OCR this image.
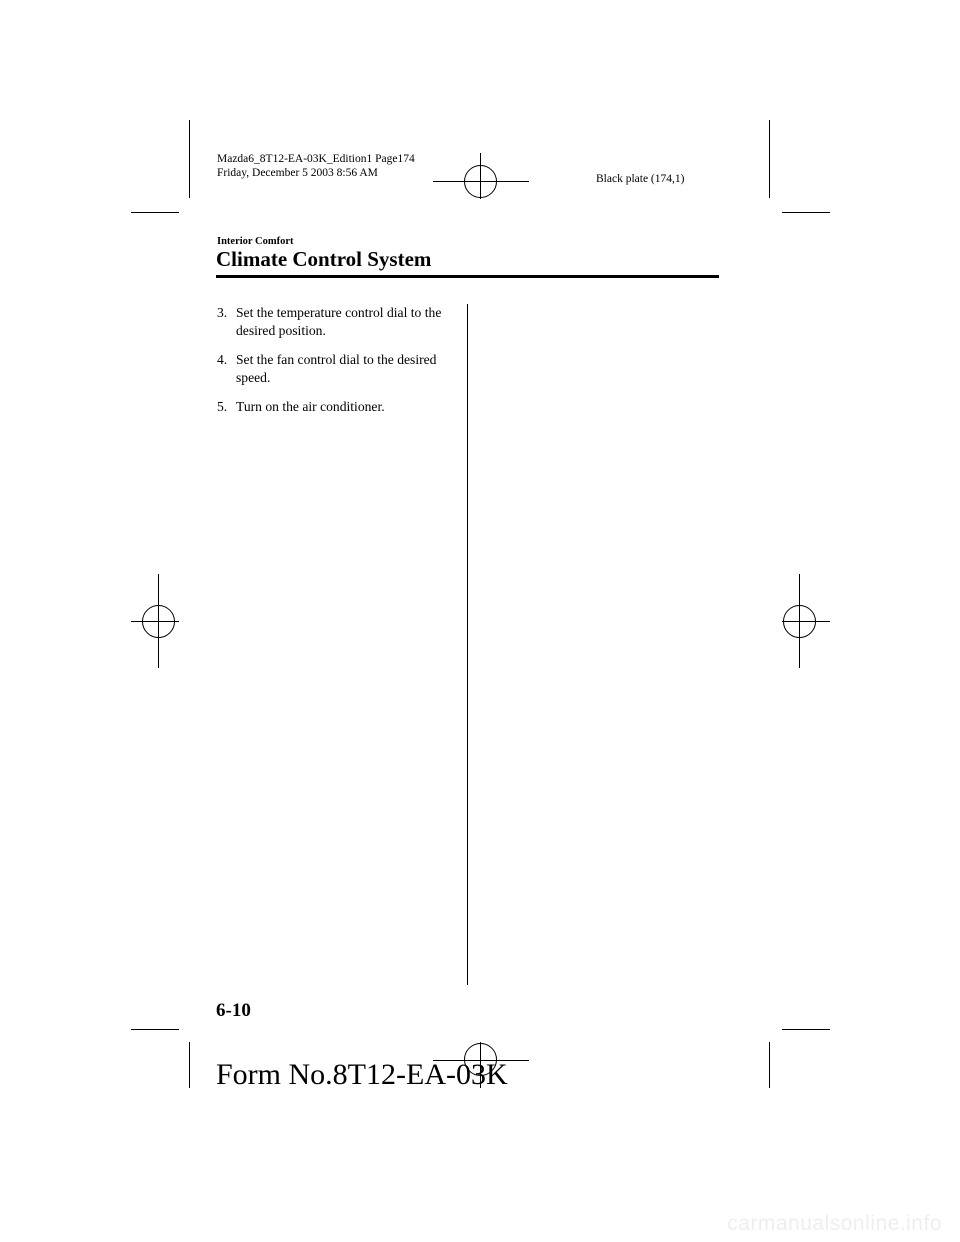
Mazda6_8T12-EA-03K_Edition1 Page174
Friday, December 5 2003 8:56 AM	Black plate (174,1)
Interior Comfort
Climate Control System
3. Set the temperature control dial to the desired position.
4. Set the fan control dial to the desired speed.
5. Turn on the air conditioner.
6-10
Form No.8T12-EA-03K
carmanualsonline.info
